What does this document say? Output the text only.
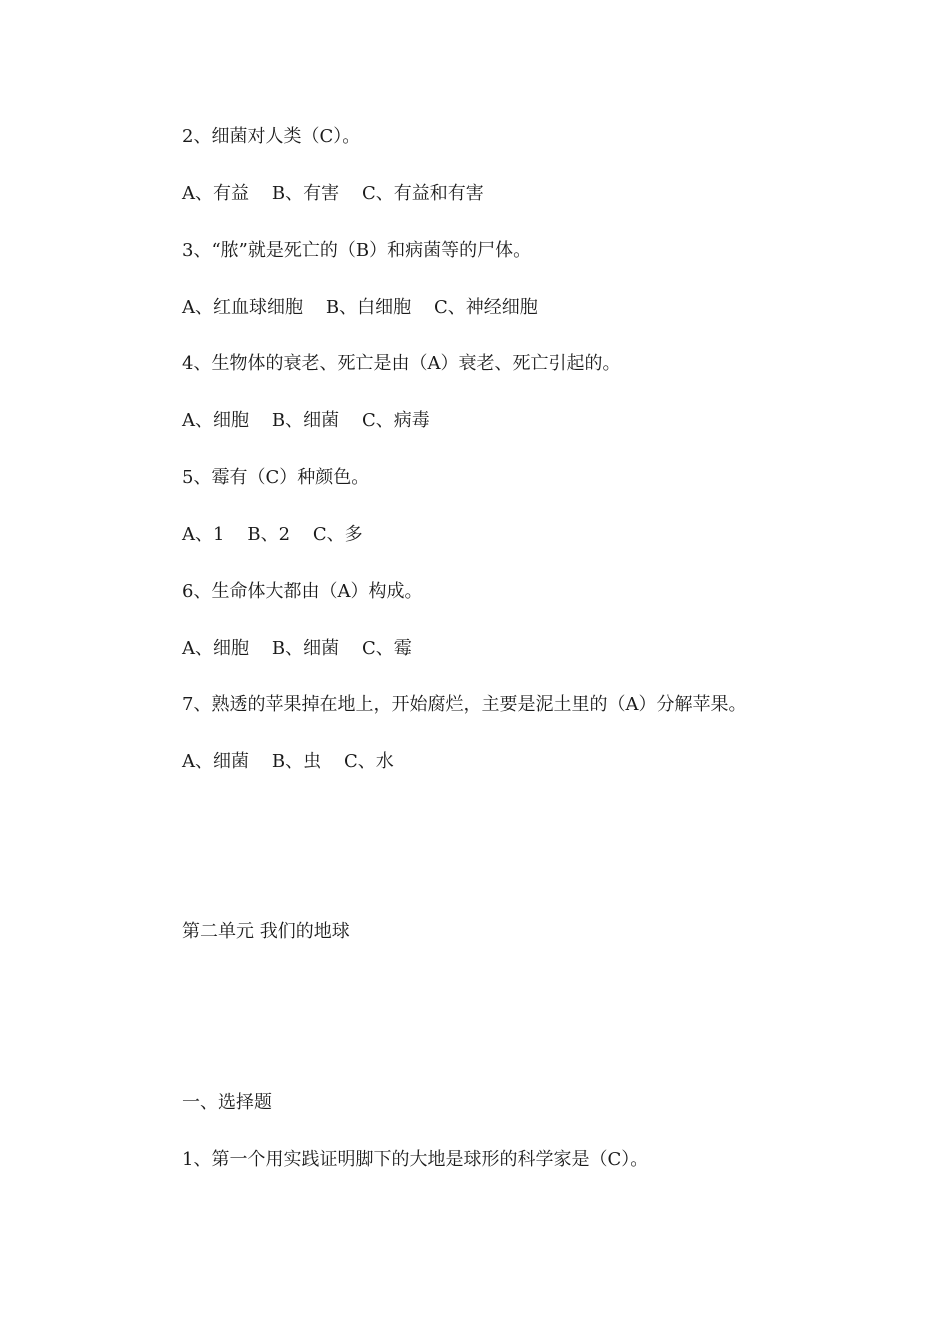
2、细菌对人类（C）。
A、有益    B、有害    C、有益和有害
3、“脓”就是死亡的（B）和病菌等的尸体。
A、红血球细胞    B、白细胞    C、神经细胞
4、生物体的衰老、死亡是由（A）衰老、死亡引起的。
A、细胞    B、细菌    C、病毒
5、霉有（C）种颜色。
A、1    B、2    C、多
6、生命体大都由（A）构成。
A、细胞    B、细菌    C、霉
7、熟透的苹果掉在地上，开始腐烂，主要是泥土里的（A）分解苹果。
A、细菌    B、虫    C、水
第二单元 我们的地球
一、选择题
1、第一个用实践证明脚下的大地是球形的科学家是（C）。
